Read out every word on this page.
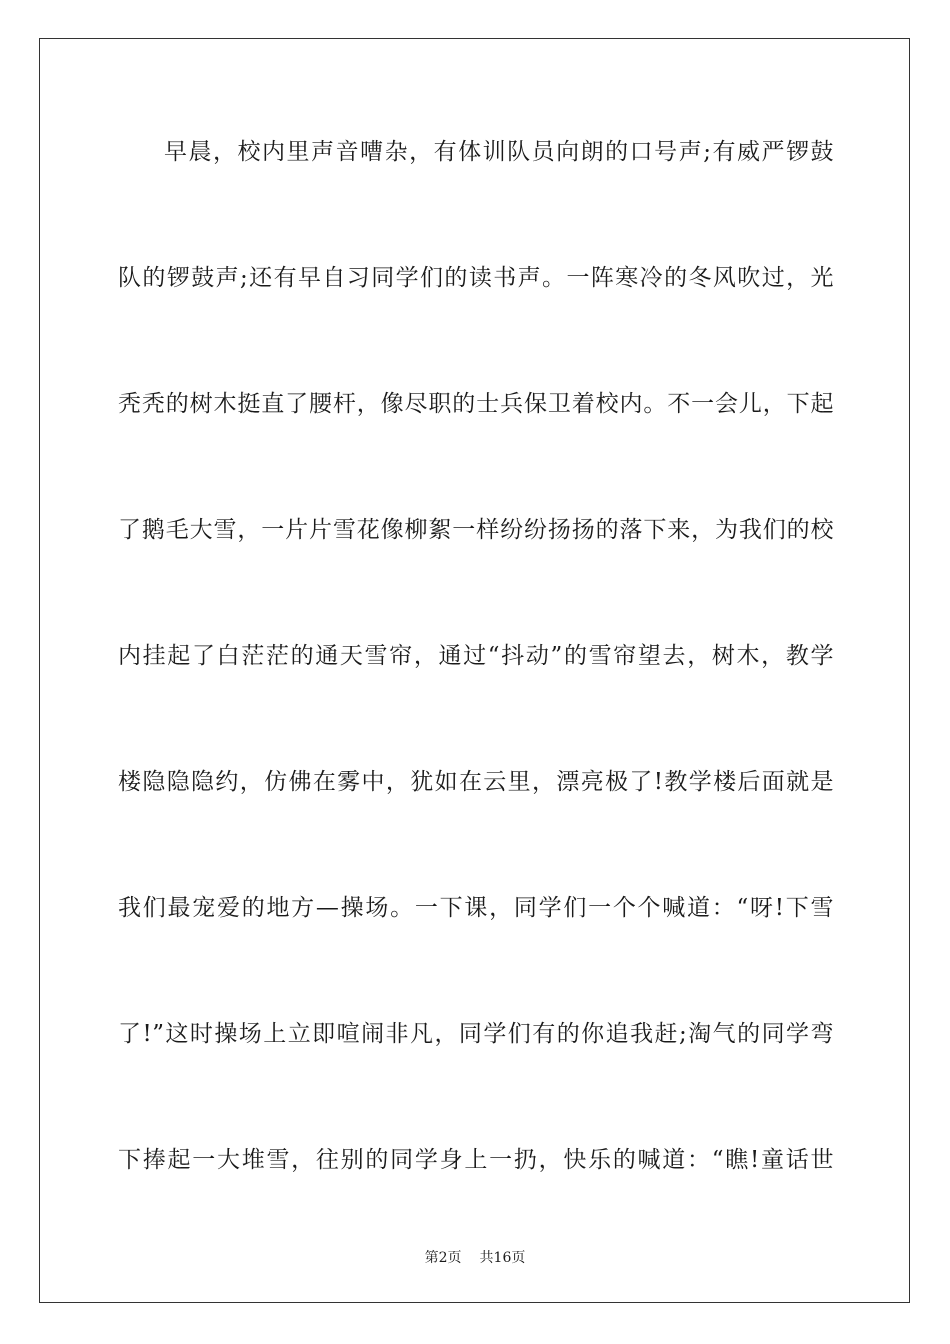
早晨，校内里声音嘈杂，有体训队员向朗的口号声;有威严锣鼓
队的锣鼓声;还有早自习同学们的读书声。一阵寒冷的冬风吹过，光
秃秃的树木挺直了腰杆，像尽职的士兵保卫着校内。不一会儿，下起
了鹅毛大雪，一片片雪花像柳絮一样纷纷扬扬的落下来，为我们的校
内挂起了白茫茫的通天雪帘，通过“抖动”的雪帘望去，树木，教学
楼隐隐隐约，仿佛在雾中，犹如在云里，漂亮极了!教学楼后面就是
我们最宠爱的地方—操场。一下课，同学们一个个喊道：“呀!下雪
了!”这时操场上立即喧闹非凡，同学们有的你追我赶;淘气的同学弯
下捧起一大堆雪，往别的同学身上一扔，快乐的喊道：“瞧!童话世
第2页 共16页
